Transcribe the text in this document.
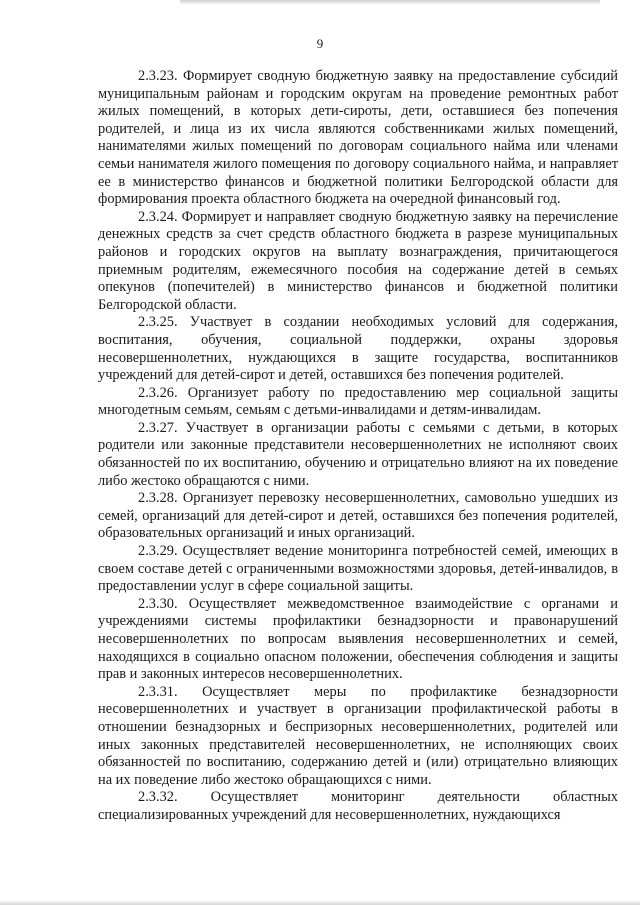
9

2.3.23. Формирует сводную бюджетную заявку на предоставление субсидий муниципальным районам и городским округам на проведение ремонтных работ жилых помещений, в которых дети-сироты, дети, оставшиеся без попечения родителей, и лица из их числа являются собственниками жилых помещений, нанимателями жилых помещений по договорам социального найма или членами семьи нанимателя жилого помещения по договору социального найма, и направляет ее в министерство финансов и бюджетной политики Белгородской области для формирования проекта областного бюджета на очередной финансовый год.

2.3.24. Формирует и направляет сводную бюджетную заявку на перечисление денежных средств за счет средств областного бюджета в разрезе муниципальных районов и городских округов на выплату вознаграждения, причитающегося приемным родителям, ежемесячного пособия на содержание детей в семьях опекунов (попечителей) в министерство финансов и бюджетной политики Белгородской области.

2.3.25. Участвует в создании необходимых условий для содержания, воспитания, обучения, социальной поддержки, охраны здоровья несовершеннолетних, нуждающихся в защите государства, воспитанников учреждений для детей-сирот и детей, оставшихся без попечения родителей.

2.3.26. Организует работу по предоставлению мер социальной защиты многодетным семьям, семьям с детьми-инвалидами и детям-инвалидам.

2.3.27. Участвует в организации работы с семьями с детьми, в которых родители или законные представители несовершеннолетних не исполняют своих обязанностей по их воспитанию, обучению и отрицательно влияют на их поведение либо жестоко обращаются с ними.

2.3.28. Организует перевозку несовершеннолетних, самовольно ушедших из семей, организаций для детей-сирот и детей, оставшихся без попечения родителей, образовательных организаций и иных организаций.

2.3.29. Осуществляет ведение мониторинга потребностей семей, имеющих в своем составе детей с ограниченными возможностями здоровья, детей-инвалидов, в предоставлении услуг в сфере социальной защиты.

2.3.30. Осуществляет межведомственное взаимодействие с органами и учреждениями системы профилактики безнадзорности и правонарушений несовершеннолетних по вопросам выявления несовершеннолетних и семей, находящихся в социально опасном положении, обеспечения соблюдения и защиты прав и законных интересов несовершеннолетних.

2.3.31. Осуществляет меры по профилактике безнадзорности несовершеннолетних и участвует в организации профилактической работы в отношении безнадзорных и беспризорных несовершеннолетних, родителей или иных законных представителей несовершеннолетних, не исполняющих своих обязанностей по воспитанию, содержанию детей и (или) отрицательно влияющих на их поведение либо жестоко обращающихся с ними.

2.3.32. Осуществляет мониторинг деятельности областных специализированных учреждений для несовершеннолетних, нуждающихся
